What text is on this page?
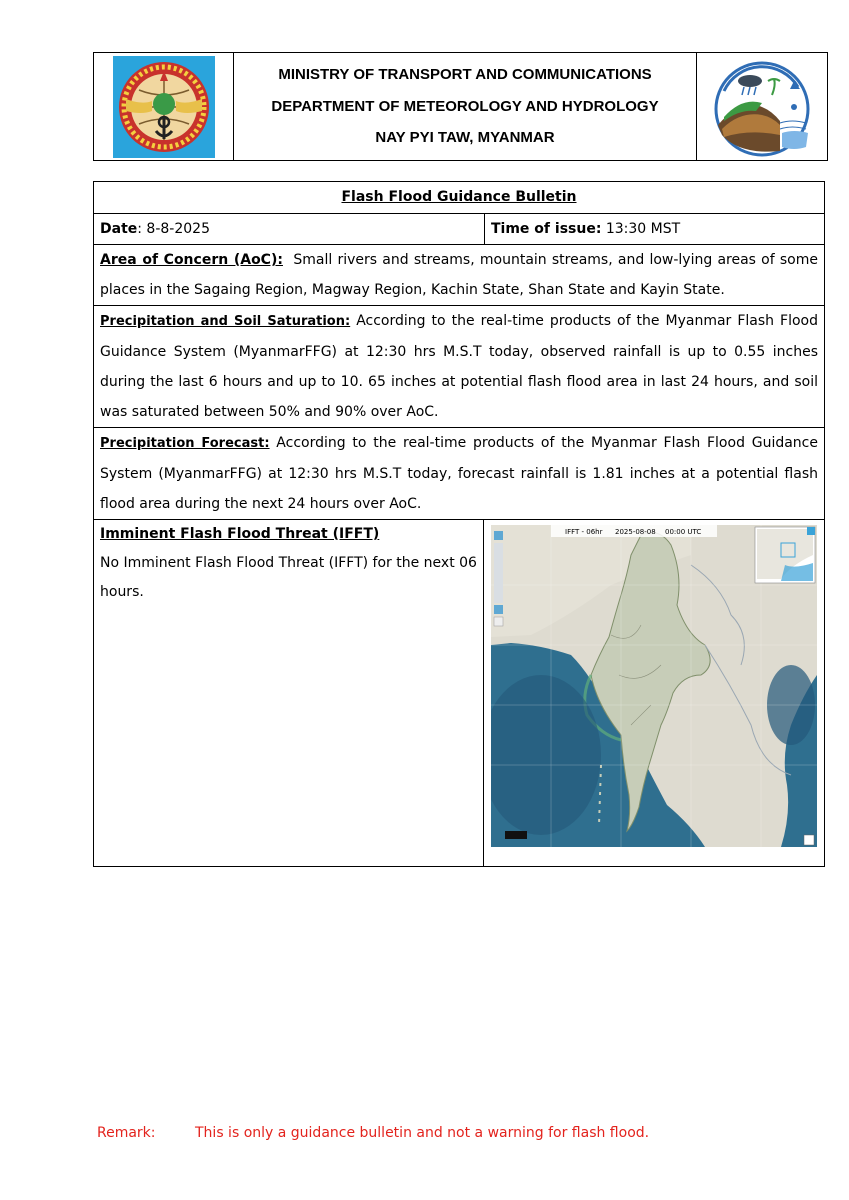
MINISTRY OF TRANSPORT AND COMMUNICATIONS
DEPARTMENT OF METEOROLOGY AND HYDROLOGY
NAY PYI TAW, MYANMAR
Flash Flood Guidance Bulletin
Date: 8-8-2025	Time of issue: 13:30 MST
Area of Concern (AoC):  Small rivers and streams, mountain streams, and low-lying areas of some places in the Sagaing Region, Magway Region, Kachin State, Shan State and Kayin State.
Precipitation and Soil Saturation: According to the real-time products of the Myanmar Flash Flood Guidance System (MyanmarFFG) at 12:30 hrs M.S.T today, observed rainfall is up to 0.55 inches during the last 6 hours and up to 10. 65 inches at potential flash flood area in last 24 hours, and soil was saturated between 50% and 90% over AoC.
Precipitation Forecast: According to the real-time products of the Myanmar Flash Flood Guidance System (MyanmarFFG) at 12:30 hrs M.S.T today, forecast rainfall is 1.81 inches at a potential flash flood area during the next 24 hours over AoC.
Imminent Flash Flood Threat (IFFT)
No Imminent Flash Flood Threat (IFFT) for the next 06 hours.
IFFT - 06hr 2025-08-08 00:00 UTC
Remark:	This is only a guidance bulletin and not a warning for flash flood.
